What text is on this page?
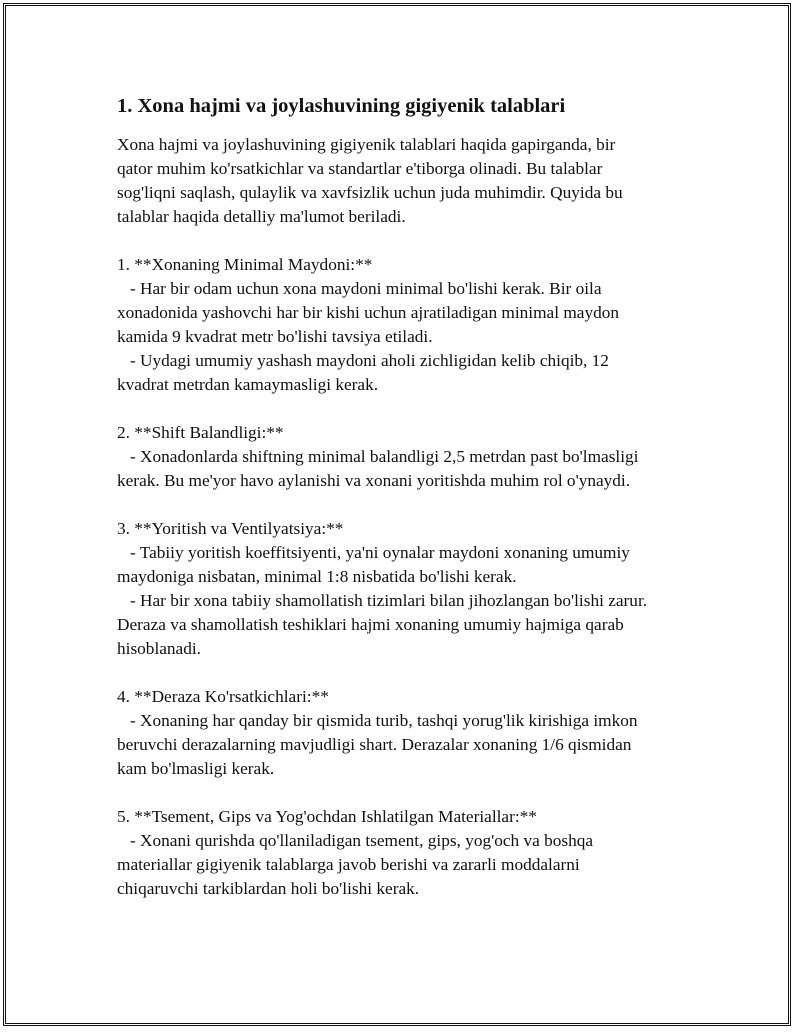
1. Xona hajmi va joylashuvining gigiyenik talablari
Xona hajmi va joylashuvining gigiyenik talablari haqida gapirganda, bir
qator muhim ko'rsatkichlar va standartlar e'tiborga olinadi. Bu talablar
sog'liqni saqlash, qulaylik va xavfsizlik uchun juda muhimdir. Quyida bu
talablar haqida detalliy ma'lumot beriladi.
1. **Xonaning Minimal Maydoni:**
- Har bir odam uchun xona maydoni minimal bo'lishi kerak. Bir oila
xonadonida yashovchi har bir kishi uchun ajratiladigan minimal maydon
kamida 9 kvadrat metr bo'lishi tavsiya etiladi.
- Uydagi umumiy yashash maydoni aholi zichligidan kelib chiqib, 12
kvadrat metrdan kamaymasligi kerak.
2. **Shift Balandligi:**
- Xonadonlarda shiftning minimal balandligi 2,5 metrdan past bo'lmasligi
kerak. Bu me'yor havo aylanishi va xonani yoritishda muhim rol o'ynaydi.
3. **Yoritish va Ventilyatsiya:**
- Tabiiy yoritish koeffitsiyenti, ya'ni oynalar maydoni xonaning umumiy
maydoniga nisbatan, minimal 1:8 nisbatida bo'lishi kerak.
- Har bir xona tabiiy shamollatish tizimlari bilan jihozlangan bo'lishi zarur.
Deraza va shamollatish teshiklari hajmi xonaning umumiy hajmiga qarab
hisoblanadi.
4. **Deraza Ko'rsatkichlari:**
- Xonaning har qanday bir qismida turib, tashqi yorug'lik kirishiga imkon
beruvchi derazalarning mavjudligi shart. Derazalar xonaning 1/6 qismidan
kam bo'lmasligi kerak.
5. **Tsement, Gips va Yog'ochdan Ishlatilgan Materiallar:**
- Xonani qurishda qo'llaniladigan tsement, gips, yog'och va boshqa
materiallar gigiyenik talablarga javob berishi va zararli moddalarni
chiqaruvchi tarkiblardan holi bo'lishi kerak.
